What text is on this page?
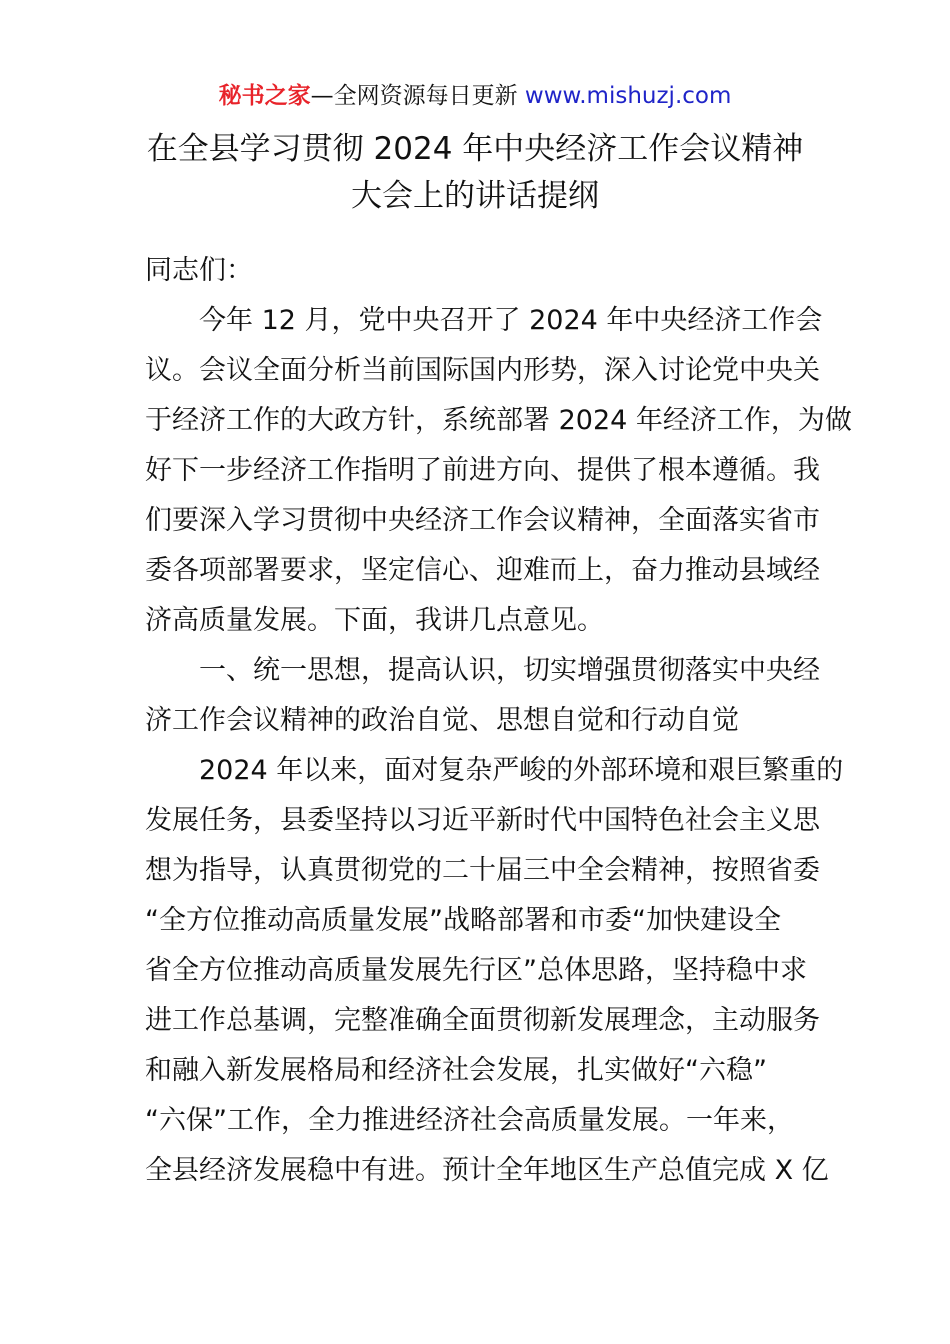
秘书之家—全网资源每日更新 www.mishuzj.com
在全县学习贯彻 2024 年中央经济工作会议精神
大会上的讲话提纲
同志们：
今年 12 月，党中央召开了 2024 年中央经济工作会
议。会议全面分析当前国际国内形势，深入讨论党中央关
于经济工作的大政方针，系统部署 2024 年经济工作，为做
好下一步经济工作指明了前进方向、提供了根本遵循。我
们要深入学习贯彻中央经济工作会议精神，全面落实省市
委各项部署要求，坚定信心、迎难而上，奋力推动县域经
济高质量发展。下面，我讲几点意见。
一、统一思想，提高认识，切实增强贯彻落实中央经
济工作会议精神的政治自觉、思想自觉和行动自觉
2024 年以来，面对复杂严峻的外部环境和艰巨繁重的
发展任务，县委坚持以习近平新时代中国特色社会主义思
想为指导，认真贯彻党的二十届三中全会精神，按照省委
“全方位推动高质量发展”战略部署和市委“加快建设全
省全方位推动高质量发展先行区”总体思路，坚持稳中求
进工作总基调，完整准确全面贯彻新发展理念，主动服务
和融入新发展格局和经济社会发展，扎实做好“六稳”
“六保”工作，全力推进经济社会高质量发展。一年来，
全县经济发展稳中有进。预计全年地区生产总值完成 X 亿
